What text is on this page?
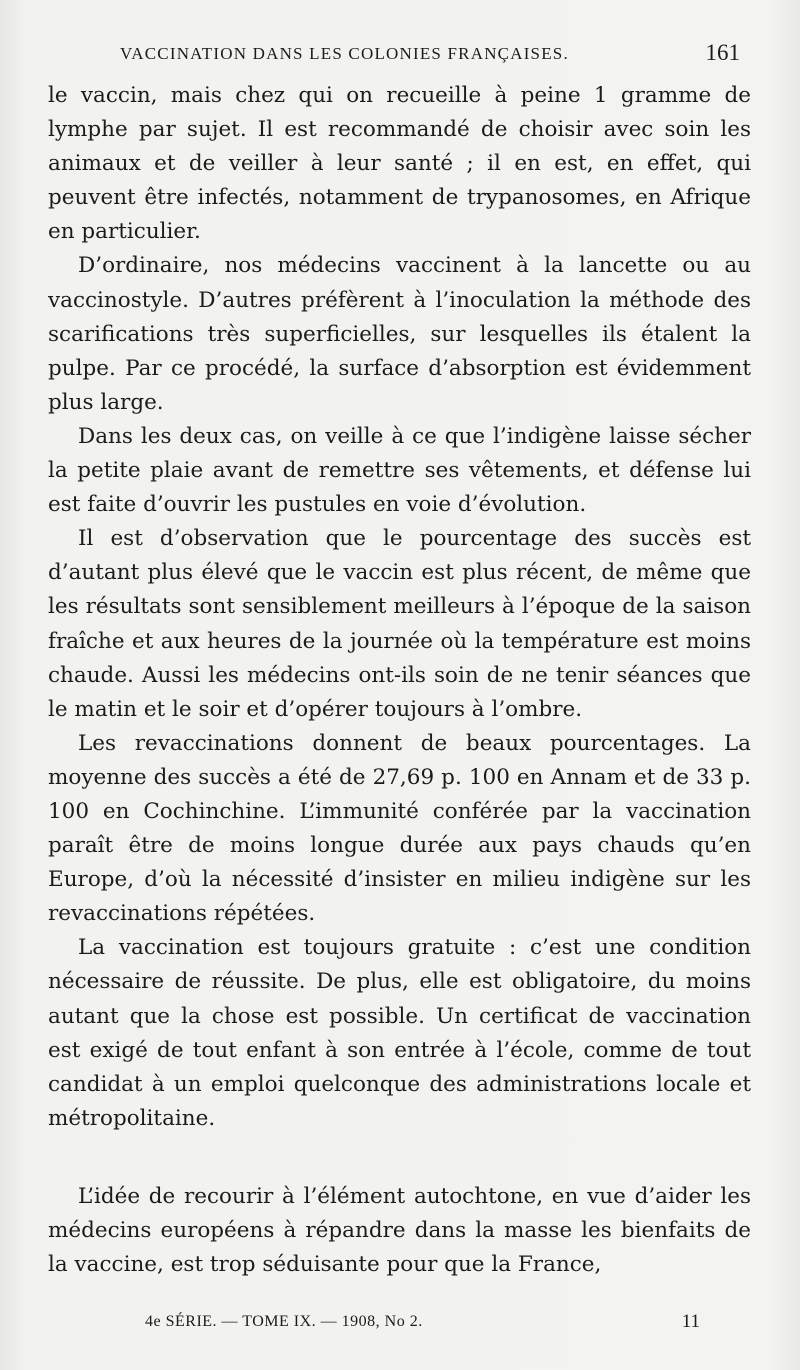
VACCINATION DANS LES COLONIES FRANÇAISES.	161

le vaccin, mais chez qui on recueille à peine 1 gramme de lymphe par sujet. Il est recommandé de choisir avec soin les animaux et de veiller à leur santé ; il en est, en effet, qui peuvent être infectés, notamment de trypanosomes, en Afrique en particulier.

D’ordinaire, nos médecins vaccinent à la lancette ou au vaccinostyle. D’autres préfèrent à l’inoculation la méthode des scarifications très superficielles, sur lesquelles ils étalent la pulpe. Par ce procédé, la surface d’absorption est évidemment plus large.

Dans les deux cas, on veille à ce que l’indigène laisse sécher la petite plaie avant de remettre ses vêtements, et défense lui est faite d’ouvrir les pustules en voie d’évolution.

Il est d’observation que le pourcentage des succès est d’autant plus élevé que le vaccin est plus récent, de même que les résultats sont sensiblement meilleurs à l’époque de la saison fraîche et aux heures de la journée où la température est moins chaude. Aussi les médecins ont-ils soin de ne tenir séances que le matin et le soir et d’opérer toujours à l’ombre.

Les revaccinations donnent de beaux pourcentages. La moyenne des succès a été de 27,69 p. 100 en Annam et de 33 p. 100 en Cochinchine. L’immunité conférée par la vaccination paraît être de moins longue durée aux pays chauds qu’en Europe, d’où la nécessité d’insister en milieu indigène sur les revaccinations répétées.

La vaccination est toujours gratuite : c’est une condition nécessaire de réussite. De plus, elle est obligatoire, du moins autant que la chose est possible. Un certificat de vaccination est exigé de tout enfant à son entrée à l’école, comme de tout candidat à un emploi quelconque des administrations locale et métropolitaine.

L’idée de recourir à l’élément autochtone, en vue d’aider les médecins européens à répandre dans la masse les bienfaits de la vaccine, est trop séduisante pour que la France,

4e SÉRIE. — TOME IX. — 1908, No 2.	11
